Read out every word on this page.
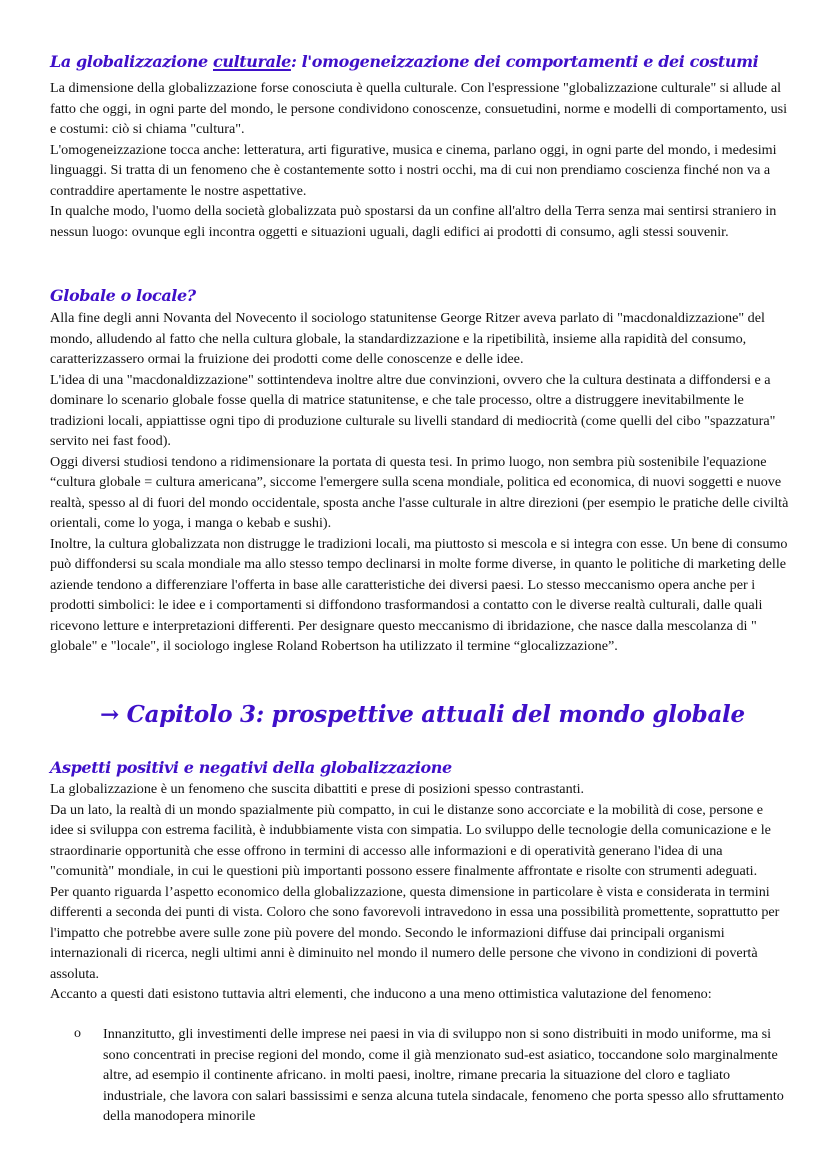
La globalizzazione culturale: l'omogeneizzazione dei comportamenti e dei costumi
La dimensione della globalizzazione forse conosciuta è quella culturale. Con l'espressione "globalizzazione culturale" si allude al fatto che oggi, in ogni parte del mondo, le persone condividono conoscenze, consuetudini, norme e modelli di comportamento, usi e costumi: ciò si chiama "cultura".
L'omogeneizzazione tocca anche: letteratura, arti figurative, musica e cinema, parlano oggi, in ogni parte del mondo, i medesimi linguaggi. Si tratta di un fenomeno che è costantemente sotto i nostri occhi, ma di cui non prendiamo coscienza finché non va a contraddire apertamente le nostre aspettative.
In qualche modo, l'uomo della società globalizzata può spostarsi da un confine all'altro della Terra senza mai sentirsi straniero in nessun luogo: ovunque egli incontra oggetti e situazioni uguali, dagli edifici ai prodotti di consumo, agli stessi souvenir.
Globale o locale?
Alla fine degli anni Novanta del Novecento il sociologo statunitense George Ritzer aveva parlato di "macdonaldizzazione" del mondo, alludendo al fatto che nella cultura globale, la standardizzazione e la ripetibilità, insieme alla rapidità del consumo, caratterizzassero ormai la fruizione dei prodotti come delle conoscenze e delle idee.
L'idea di una "macdonaldizzazione" sottintendeva inoltre altre due convinzioni, ovvero che la cultura destinata a diffondersi e a dominare lo scenario globale fosse quella di matrice statunitense, e che tale processo, oltre a distruggere inevitabilmente le tradizioni locali, appiattisse ogni tipo di produzione culturale su livelli standard di mediocrità (come quelli del cibo "spazzatura" servito nei fast food).
Oggi diversi studiosi tendono a ridimensionare la portata di questa tesi. In primo luogo, non sembra più sostenibile l'equazione “cultura globale = cultura americana”, siccome l'emergere sulla scena mondiale, politica ed economica, di nuovi soggetti e nuove realtà, spesso al di fuori del mondo occidentale, sposta anche l'asse culturale in altre direzioni (per esempio le pratiche delle civiltà orientali, come lo yoga, i manga o kebab e sushi).
Inoltre, la cultura globalizzata non distrugge le tradizioni locali, ma piuttosto si mescola e si integra con esse. Un bene di consumo può diffondersi su scala mondiale ma allo stesso tempo declinarsi in molte forme diverse, in quanto le politiche di marketing delle aziende tendono a differenziare l'offerta in base alle caratteristiche dei diversi paesi. Lo stesso meccanismo opera anche per i prodotti simbolici: le idee e i comportamenti si diffondono trasformandosi a contatto con le diverse realtà culturali, dalle quali ricevono letture e interpretazioni differenti. Per designare questo meccanismo di ibridazione, che nasce dalla mescolanza di " globale" e "locale", il sociologo inglese Roland Robertson ha utilizzato il termine “glocalizzazione”.
→ Capitolo 3: prospettive attuali del mondo globale
Aspetti positivi e negativi della globalizzazione
La globalizzazione è un fenomeno che suscita dibattiti e prese di posizioni spesso contrastanti.
Da un lato, la realtà di un mondo spazialmente più compatto, in cui le distanze sono accorciate e la mobilità di cose, persone e idee si sviluppa con estrema facilità, è indubbiamente vista con simpatia. Lo sviluppo delle tecnologie della comunicazione e le straordinarie opportunità che esse offrono in termini di accesso alle informazioni e di operatività generano l'idea di una "comunità" mondiale, in cui le questioni più importanti possono essere finalmente affrontate e risolte con strumenti adeguati.
Per quanto riguarda l’aspetto economico della globalizzazione, questa dimensione in particolare è vista e considerata in termini differenti a seconda dei punti di vista. Coloro che sono favorevoli intravedono in essa una possibilità promettente, soprattutto per l'impatto che potrebbe avere sulle zone più povere del mondo. Secondo le informazioni diffuse dai principali organismi internazionali di ricerca, negli ultimi anni è diminuito nel mondo il numero delle persone che vivono in condizioni di povertà assoluta.
Accanto a questi dati esistono tuttavia altri elementi, che inducono a una meno ottimistica valutazione del fenomeno:
o Innanzitutto, gli investimenti delle imprese nei paesi in via di sviluppo non si sono distribuiti in modo uniforme, ma si sono concentrati in precise regioni del mondo, come il già menzionato sud-est asiatico, toccandone solo marginalmente altre, ad esempio il continente africano. in molti paesi, inoltre, rimane precaria la situazione del cloro e tagliato industriale, che lavora con salari bassissimi e senza alcuna tutela sindacale, fenomeno che porta spesso allo sfruttamento della manodopera minorile
